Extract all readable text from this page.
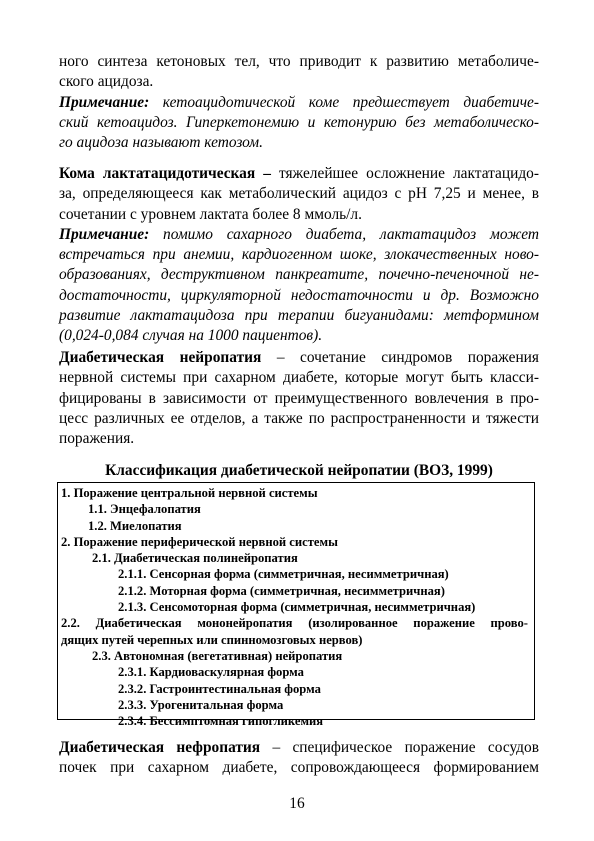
ного синтеза кетоновых тел, что приводит к развитию метаболиче-
ского ацидоза.
Примечание: кетоацидотической коме предшествует диабетиче-
ский кетоацидоз. Гиперкетонемию и кетонурию без метаболическо-
го ацидоза называют кетозом.
Кома лактатацидотическая – тяжелейшее осложнение лактатацидо-
за, определяющееся как метаболический ацидоз с рН 7,25 и менее, в
сочетании с уровнем лактата более 8 ммоль/л.
Примечание: помимо сахарного диабета, лактатацидоз может
встречаться при анемии, кардиогенном шоке, злокачественных ново-
образованиях, деструктивном панкреатите, почечно-печеночной не-
достаточности, циркуляторной недостаточности и др. Возможно
развитие лактатацидоза при терапии бигуанидами: метформином
(0,024-0,084 случая на 1000 пациентов).
Диабетическая нейропатия – сочетание синдромов поражения
нервной системы при сахарном диабете, которые могут быть класси-
фицированы в зависимости от преимущественного вовлечения в про-
цесс различных ее отделов, а также по распространенности и тяжести
поражения.
Классификация диабетической нейропатии (ВОЗ, 1999)
1. Поражение центральной нервной системы
1.1. Энцефалопатия
1.2. Миелопатия
2. Поражение периферической нервной системы
2.1. Диабетическая полинейропатия
2.1.1. Сенсорная форма (симметричная, несимметричная)
2.1.2. Моторная форма (симметричная, несимметричная)
2.1.3. Сенсомоторная форма (симметричная, несимметричная)
2.2. Диабетическая мононейропатия (изолированное поражение прово-
дящих путей черепных или спинномозговых нервов)
2.3. Автономная (вегетативная) нейропатия
2.3.1. Кардиоваскулярная форма
2.3.2. Гастроинтестинальная форма
2.3.3. Урогенитальная форма
2.3.4. Бессимптомная гипогликемия
Диабетическая нефропатия – специфическое поражение сосудов
почек при сахарном диабете, сопровождающееся формированием
16
